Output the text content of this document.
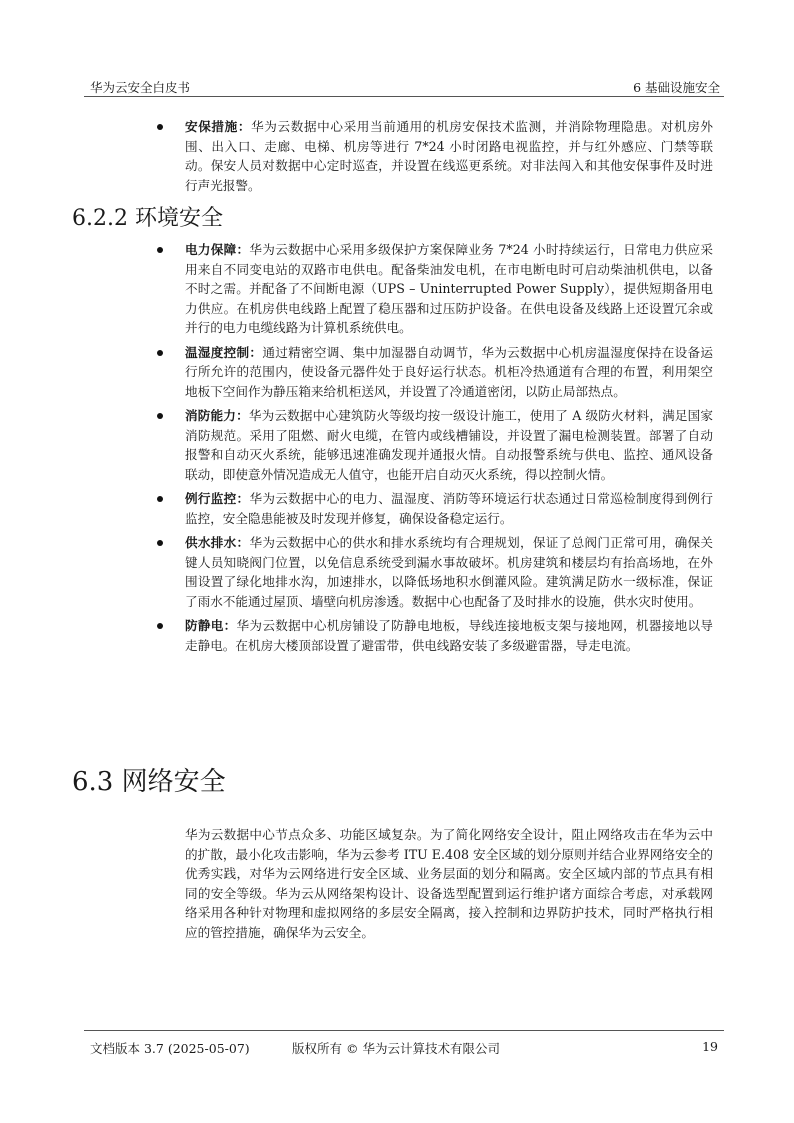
华为云安全白皮书	6 基础设施安全
安保措施：华为云数据中心采用当前通用的机房安保技术监测，并消除物理隐患。对机房外围、出入口、走廊、电梯、机房等进行 7*24 小时闭路电视监控，并与红外感应、门禁等联动。保安人员对数据中心定时巡查，并设置在线巡更系统。对非法闯入和其他安保事件及时进行声光报警。
6.2.2 环境安全
电力保障：华为云数据中心采用多级保护方案保障业务 7*24 小时持续运行，日常电力供应采用来自不同变电站的双路市电供电。配备柴油发电机，在市电断电时可启动柴油机供电，以备不时之需。并配备了不间断电源（UPS – Uninterrupted Power Supply），提供短期备用电力供应。在机房供电线路上配置了稳压器和过压防护设备。在供电设备及线路上还设置冗余或并行的电力电缆线路为计算机系统供电。
温湿度控制：通过精密空调、集中加湿器自动调节，华为云数据中心机房温湿度保持在设备运行所允许的范围内，使设备元器件处于良好运行状态。机柜冷热通道有合理的布置，利用架空地板下空间作为静压箱来给机柜送风，并设置了冷通道密闭，以防止局部热点。
消防能力：华为云数据中心建筑防火等级均按一级设计施工，使用了 A 级防火材料，满足国家消防规范。采用了阻燃、耐火电缆，在管内或线槽铺设，并设置了漏电检测装置。部署了自动报警和自动灭火系统，能够迅速准确发现并通报火情。自动报警系统与供电、监控、通风设备联动，即使意外情况造成无人值守，也能开启自动灭火系统，得以控制火情。
例行监控：华为云数据中心的电力、温湿度、消防等环境运行状态通过日常巡检制度得到例行监控，安全隐患能被及时发现并修复，确保设备稳定运行。
供水排水：华为云数据中心的供水和排水系统均有合理规划，保证了总阀门正常可用，确保关键人员知晓阀门位置，以免信息系统受到漏水事故破坏。机房建筑和楼层均有抬高场地，在外围设置了绿化地排水沟，加速排水，以降低场地积水倒灌风险。建筑满足防水一级标准，保证了雨水不能通过屋顶、墙壁向机房渗透。数据中心也配备了及时排水的设施，供水灾时使用。
防静电：华为云数据中心机房铺设了防静电地板，导线连接地板支架与接地网，机器接地以导走静电。在机房大楼顶部设置了避雷带，供电线路安装了多级避雷器，导走电流。
6.3 网络安全

华为云数据中心节点众多、功能区域复杂。为了简化网络安全设计，阻止网络攻击在华为云中的扩散，最小化攻击影响，华为云参考 ITU E.408 安全区域的划分原则并结合业界网络安全的优秀实践，对华为云网络进行安全区域、业务层面的划分和隔离。安全区域内部的节点具有相同的安全等级。华为云从网络架构设计、设备选型配置到运行维护诸方面综合考虑，对承载网络采用各种针对物理和虚拟网络的多层安全隔离，接入控制和边界防护技术，同时严格执行相应的管控措施，确保华为云安全。

文档版本 3.7 (2025-05-07)	版权所有 © 华为云计算技术有限公司	19
